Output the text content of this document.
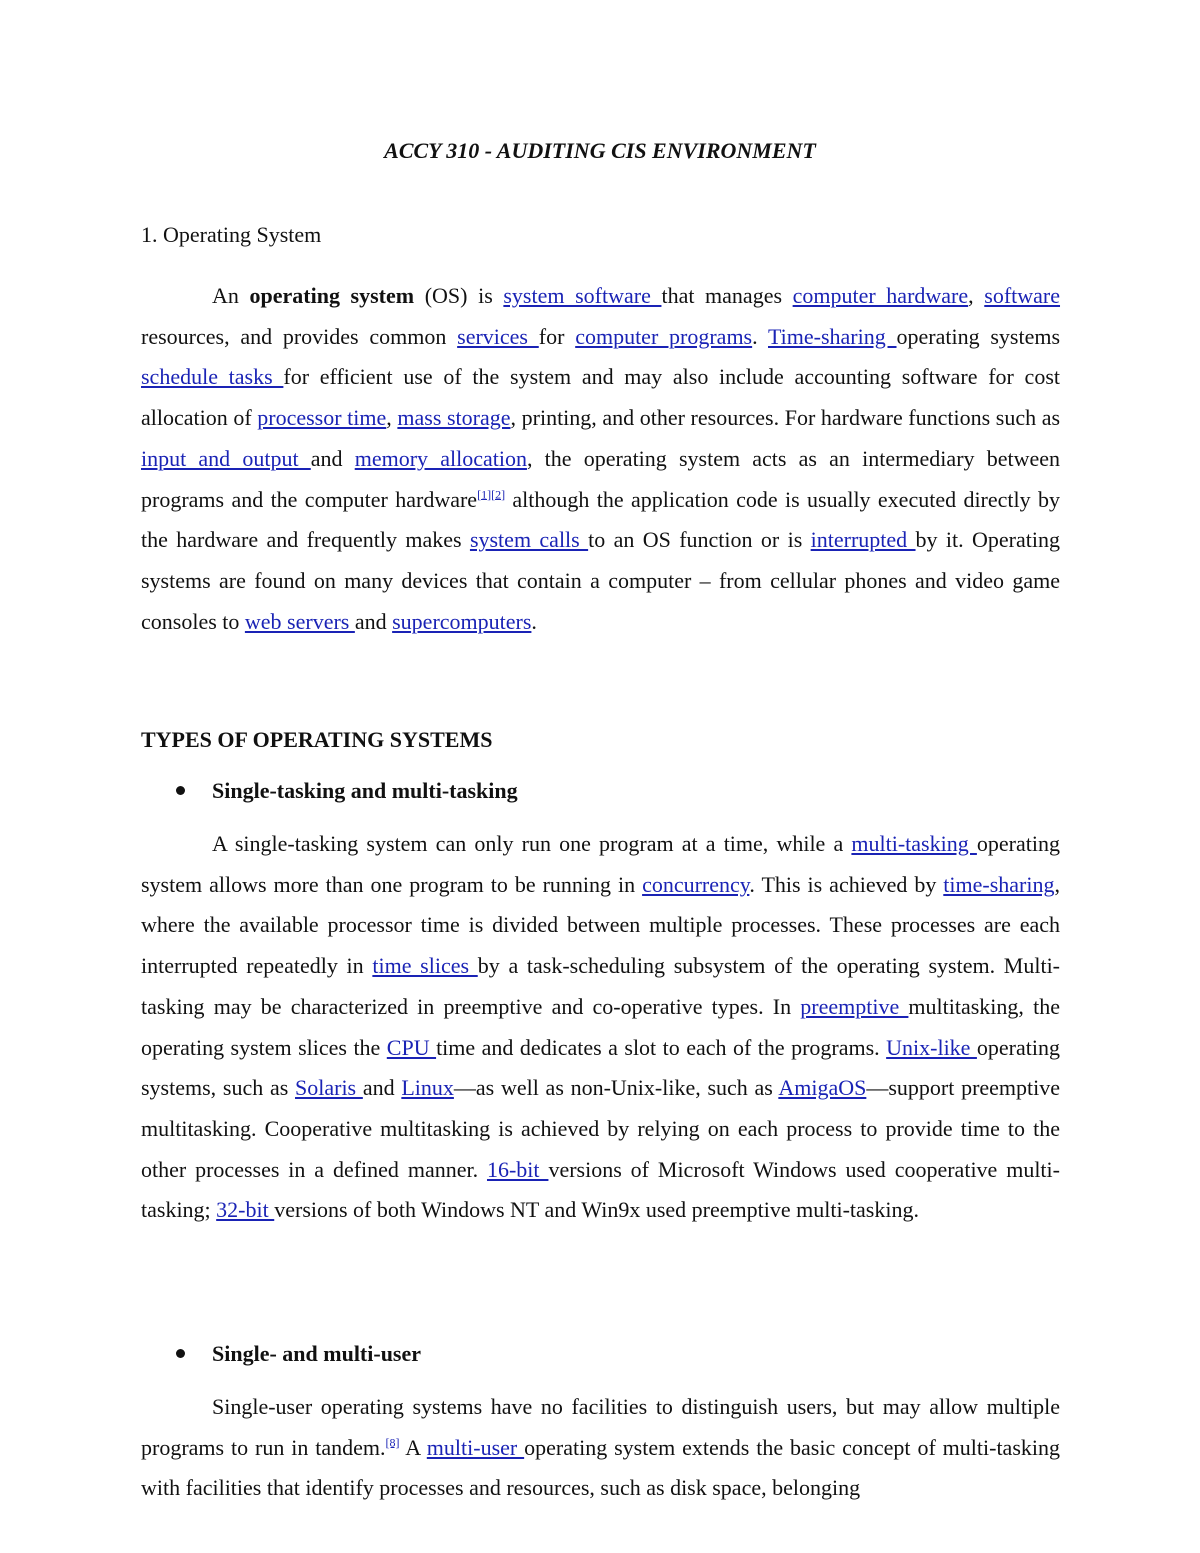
ACCY 310 - AUDITING CIS ENVIRONMENT
1. Operating System

An operating system (OS) is system software that manages computer hardware, software resources, and provides common services for computer programs. Time-sharing operating systems schedule tasks for efficient use of the system and may also include accounting software for cost allocation of processor time, mass storage, printing, and other resources. For hardware functions such as input and output and memory allocation, the operating system acts as an intermediary between programs and the computer hardware[1][2] although the application code is usually executed directly by the hardware and frequently makes system calls to an OS function or is interrupted by it. Operating systems are found on many devices that contain a computer – from cellular phones and video game consoles to web servers and supercomputers.

TYPES OF OPERATING SYSTEMS
Single-tasking and multi-tasking

A single-tasking system can only run one program at a time, while a multi-tasking operating system allows more than one program to be running in concurrency. This is achieved by time-sharing, where the available processor time is divided between multiple processes. These processes are each interrupted repeatedly in time slices by a task-scheduling subsystem of the operating system. Multi-tasking may be characterized in preemptive and co-operative types. In preemptive multitasking, the operating system slices the CPU time and dedicates a slot to each of the programs. Unix-like operating systems, such as Solaris and Linux—as well as non-Unix-like, such as AmigaOS—support preemptive multitasking. Cooperative multitasking is achieved by relying on each process to provide time to the other processes in a defined manner. 16-bit versions of Microsoft Windows used cooperative multi-tasking; 32-bit versions of both Windows NT and Win9x used preemptive multi-tasking.

Single- and multi-user

Single-user operating systems have no facilities to distinguish users, but may allow multiple programs to run in tandem.[8] A multi-user operating system extends the basic concept of multi-tasking with facilities that identify processes and resources, such as disk space, belonging
